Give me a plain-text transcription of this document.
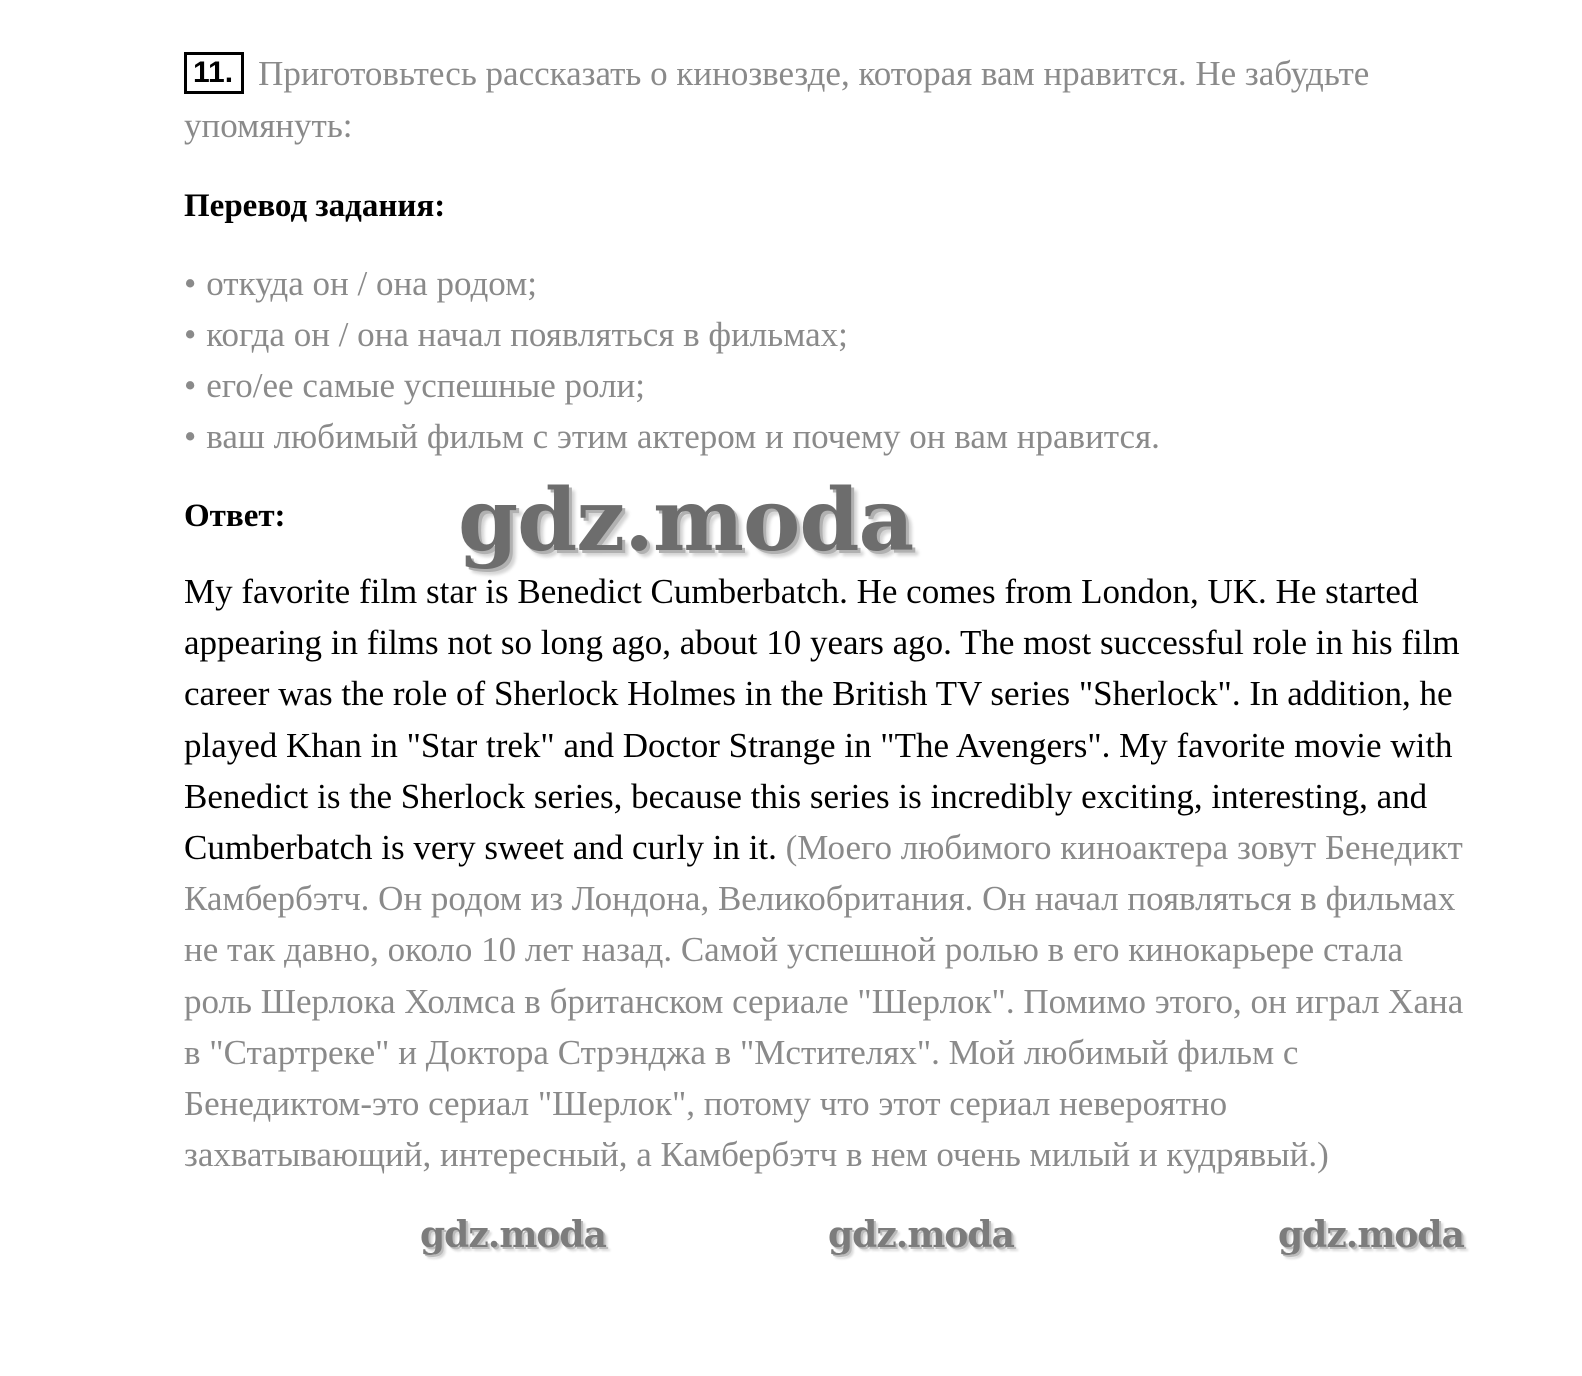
11. Приготовьтесь рассказать о кинозвезде, которая вам нравится. Не забудьте упомянуть:
Перевод задания:
• откуда он / она родом;
• когда он / она начал появляться в фильмах;
• его/ее самые успешные роли;
• ваш любимый фильм с этим актером и почему он вам нравится.
Ответ: gdz.moda
My favorite film star is Benedict Cumberbatch. He comes from London, UK. He started appearing in films not so long ago, about 10 years ago. The most successful role in his film career was the role of Sherlock Holmes in the British TV series "Sherlock". In addition, he played Khan in "Star trek" and Doctor Strange in "The Avengers". My favorite movie with Benedict is the Sherlock series, because this series is incredibly exciting, interesting, and Cumberbatch is very sweet and curly in it. (Моего любимого киноактера зовут Бенедикт Камбербэтч. Он родом из Лондона, Великобритания. Он начал появляться в фильмах не так давно, около 10 лет назад. Самой успешной ролью в его кинокарьере стала роль Шерлока Холмса в британском сериале "Шерлок". Помимо этого, он играл Хана в "Стартреке" и Доктора Стрэнджа в "Мстителях". Мой любимый фильм с Бенедиктом-это сериал "Шерлок", потому что этот сериал невероятно захватывающий, интересный, а Камбербэтч в нем очень милый и кудрявый.)
gdz.moda	gdz.moda	gdz.moda
